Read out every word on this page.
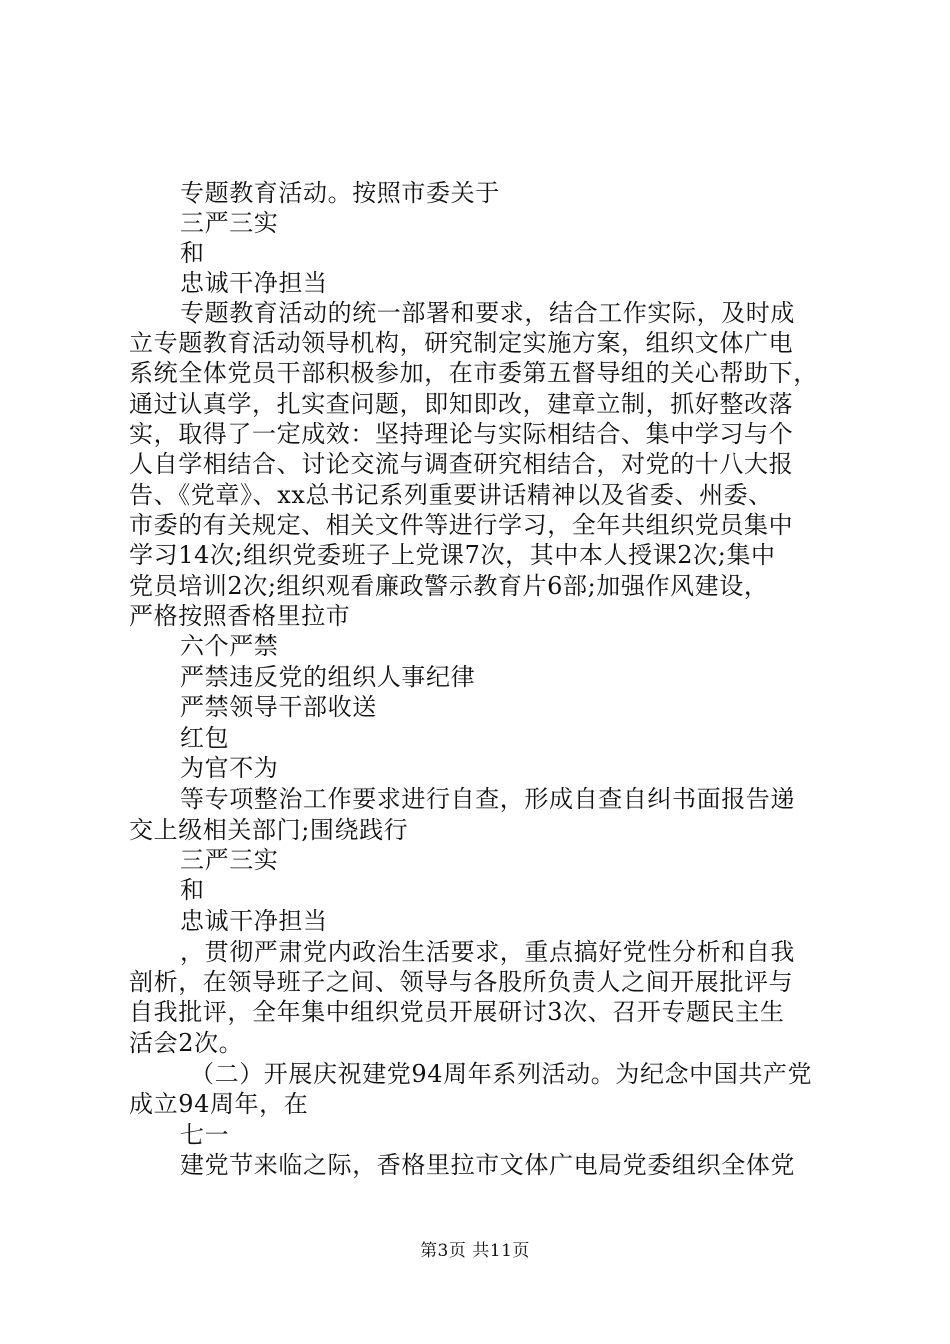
专题教育活动。按照市委关于
三严三实
和
忠诚干净担当
专题教育活动的统一部署和要求，结合工作实际，及时成
立专题教育活动领导机构，研究制定实施方案，组织文体广电
系统全体党员干部积极参加，在市委第五督导组的关心帮助下，
通过认真学，扎实查问题，即知即改，建章立制，抓好整改落
实，取得了一定成效：坚持理论与实际相结合、集中学习与个
人自学相结合、讨论交流与调查研究相结合，对党的十八大报
告、《党章》、xx总书记系列重要讲话精神以及省委、州委、
市委的有关规定、相关文件等进行学习，全年共组织党员集中
学习14次;组织党委班子上党课7次，其中本人授课2次;集中
党员培训2次;组织观看廉政警示教育片6部;加强作风建设，
严格按照香格里拉市
六个严禁
严禁违反党的组织人事纪律
严禁领导干部收送
红包
为官不为
等专项整治工作要求进行自查，形成自查自纠书面报告递
交上级相关部门;围绕践行
三严三实
和
忠诚干净担当
，贯彻严肃党内政治生活要求，重点搞好党性分析和自我
剖析，在领导班子之间、领导与各股所负责人之间开展批评与
自我批评，全年集中组织党员开展研讨3次、召开专题民主生
活会2次。
（二）开展庆祝建党94周年系列活动。为纪念中国共产党
成立94周年，在
七一
建党节来临之际，香格里拉市文体广电局党委组织全体党
第3页 共11页
